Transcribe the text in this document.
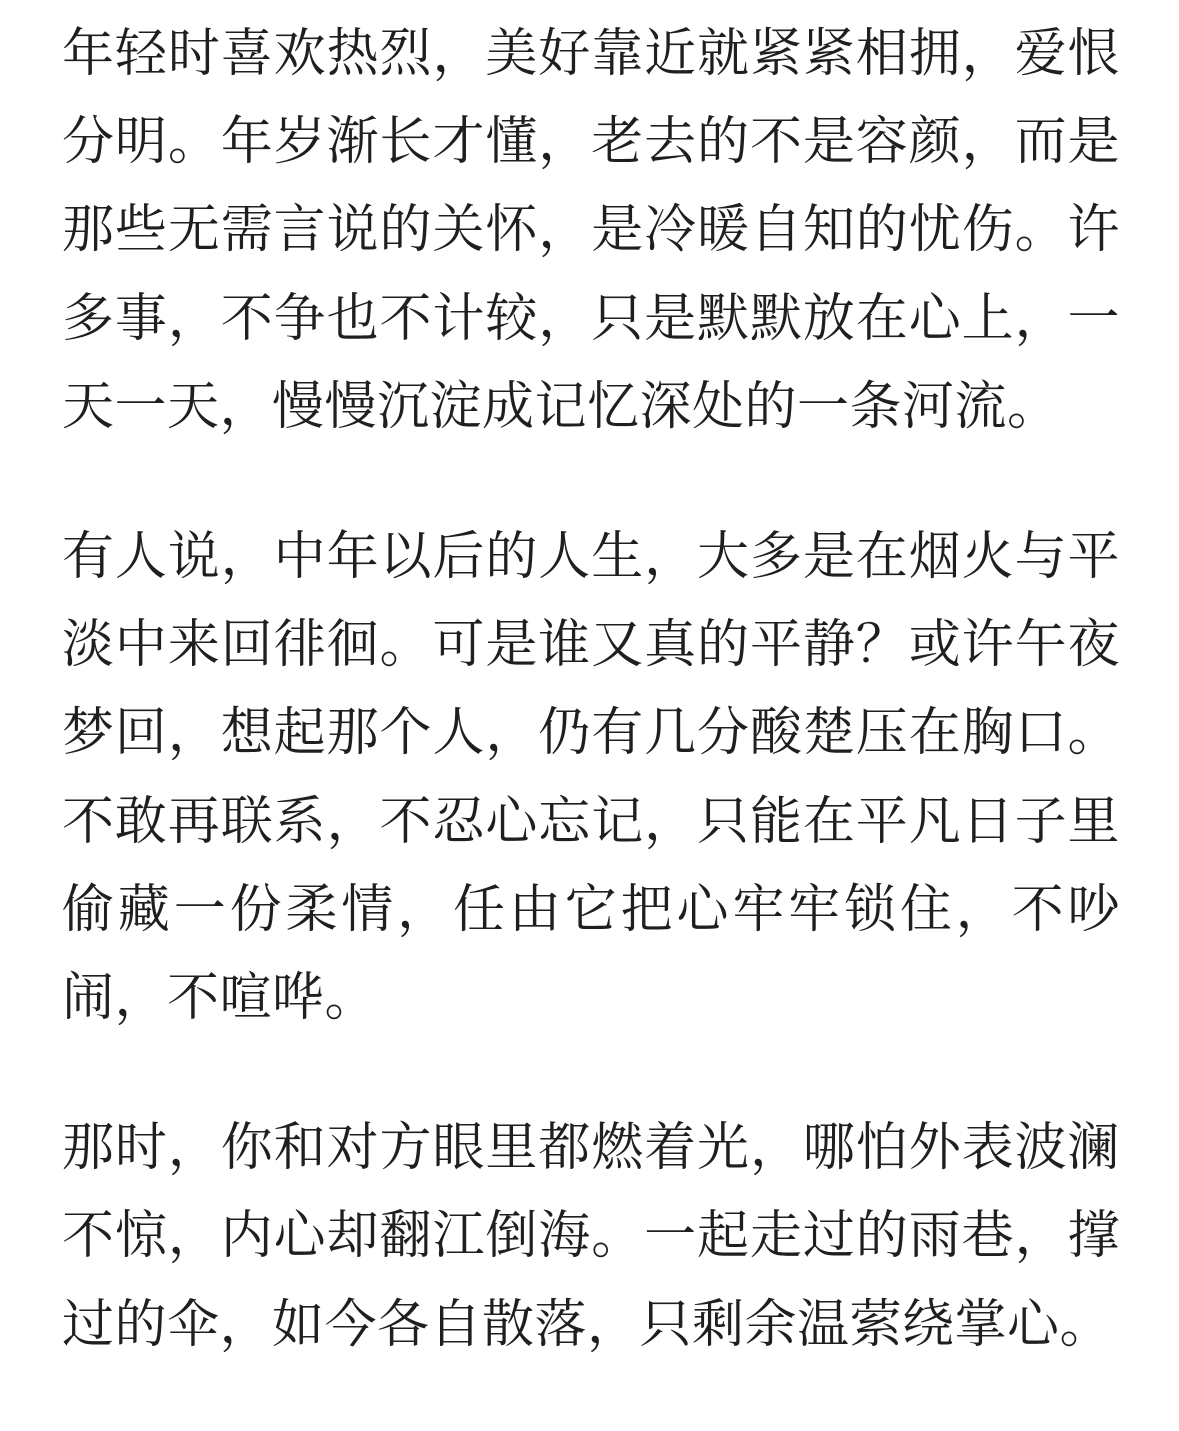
年轻时喜欢热烈，美好靠近就紧紧相拥，爱恨分明。年岁渐长才懂，老去的不是容颜，而是那些无需言说的关怀，是冷暖自知的忧伤。许多事，不争也不计较，只是默默放在心上，一天一天，慢慢沉淀成记忆深处的一条河流。

有人说，中年以后的人生，大多是在烟火与平淡中来回徘徊。可是谁又真的平静？或许午夜梦回，想起那个人，仍有几分酸楚压在胸口。不敢再联系，不忍心忘记，只能在平凡日子里偷藏一份柔情，任由它把心牢牢锁住，不吵闹，不喧哗。

那时，你和对方眼里都燃着光，哪怕外表波澜不惊，内心却翻江倒海。一起走过的雨巷，撑过的伞，如今各自散落，只剩余温萦绕掌心。
